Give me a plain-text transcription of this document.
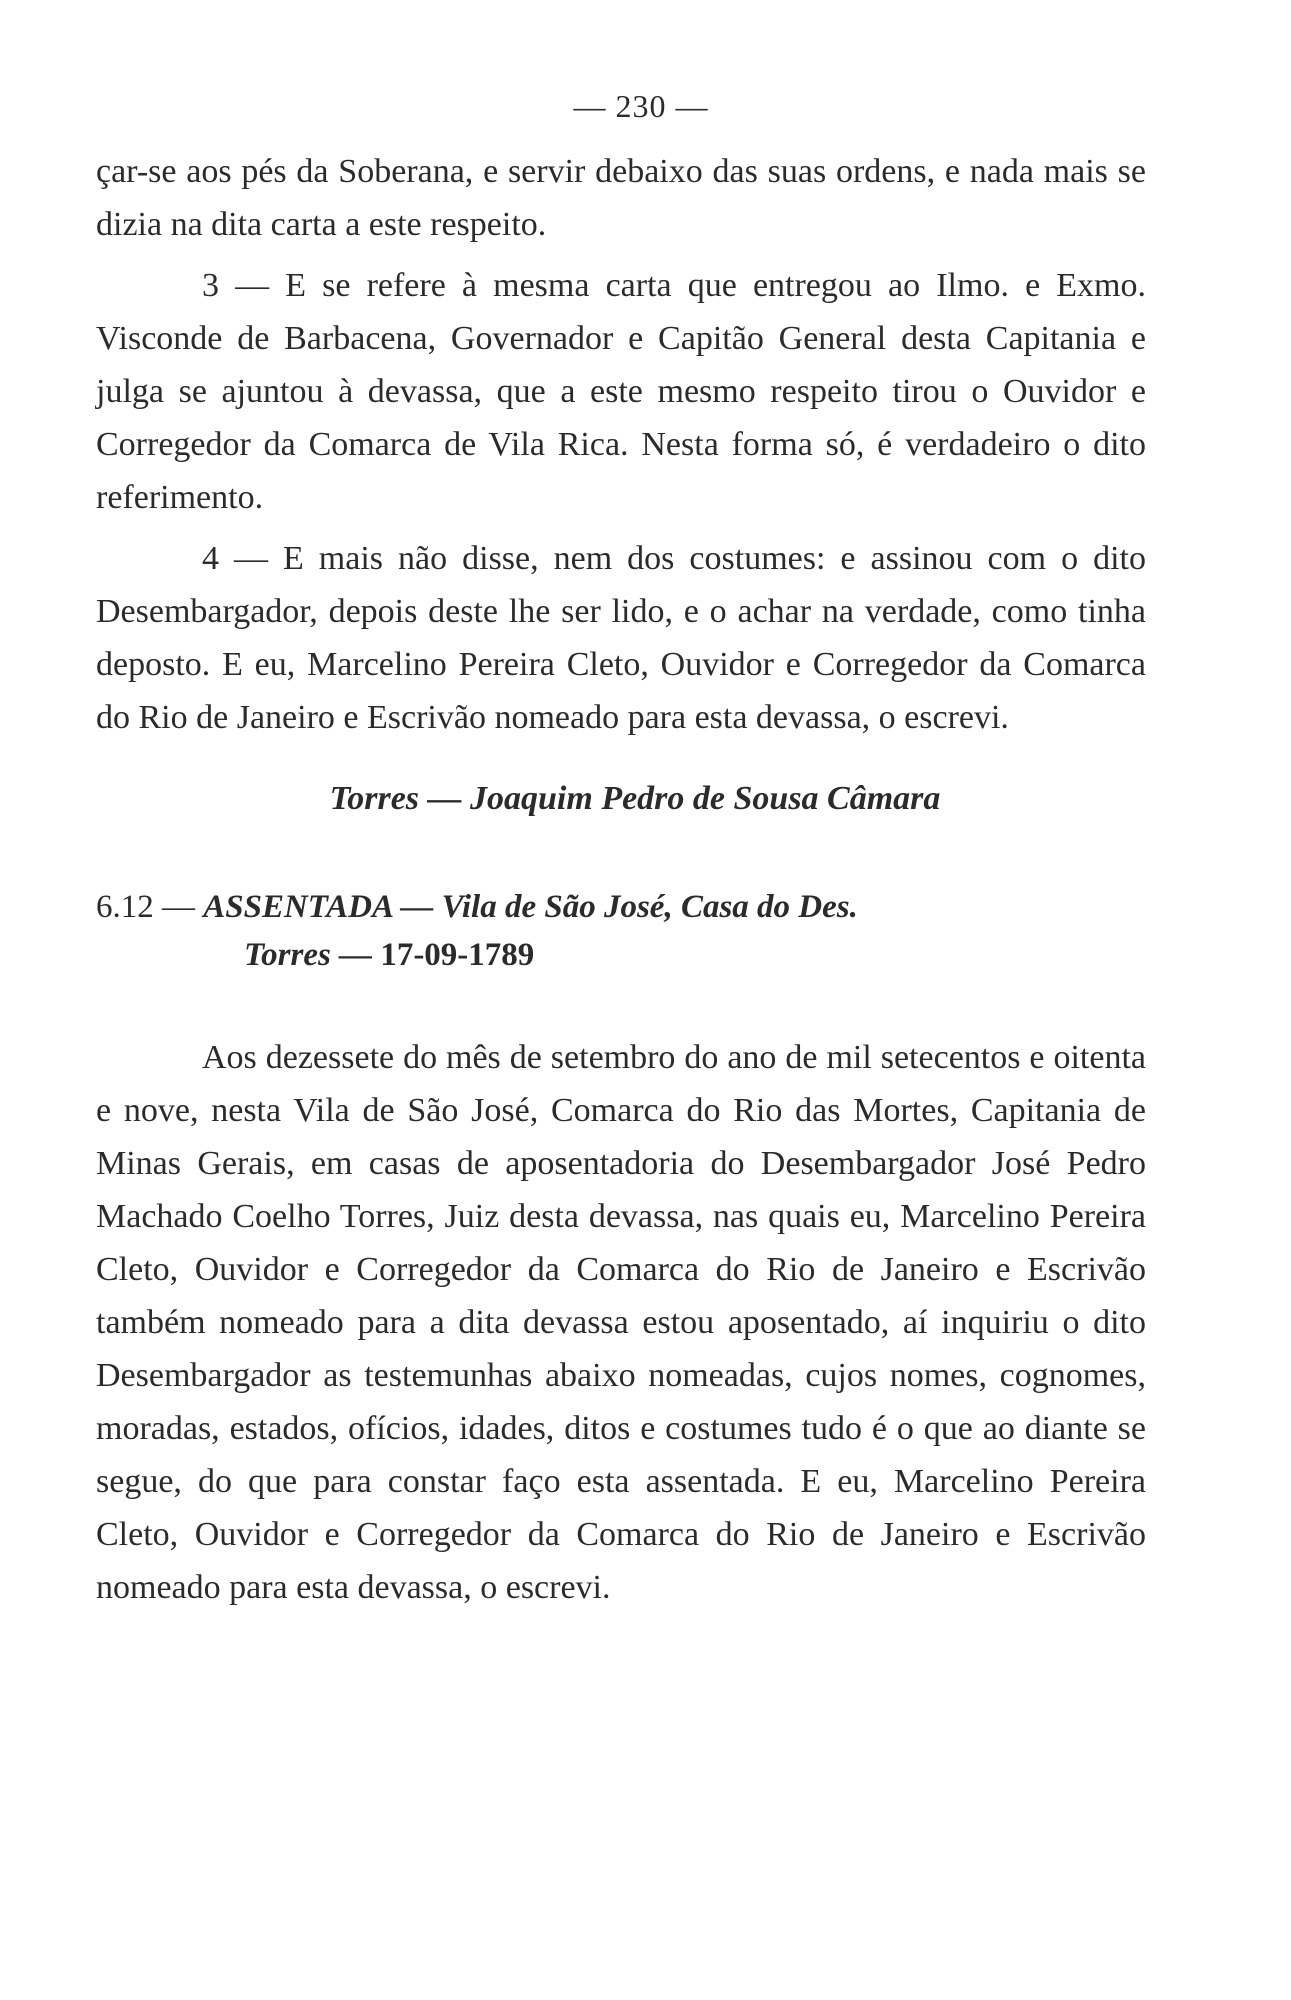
— 230 —

çar-se aos pés da Soberana, e servir debaixo das suas ordens, e nada mais se dizia na dita carta a este respeito.

3 — E se refere à mesma carta que entregou ao Ilmo. e Exmo. Visconde de Barbacena, Governador e Capitão General desta Capitania e julga se ajuntou à devassa, que a este mesmo respeito tirou o Ouvidor e Corregedor da Comarca de Vila Rica. Nesta forma só, é verdadeiro o dito referimento.

4 — E mais não disse, nem dos costumes: e assinou com o dito Desembargador, depois deste lhe ser lido, e o achar na verdade, como tinha deposto. E eu, Marcelino Pereira Cleto, Ouvidor e Corregedor da Comarca do Rio de Janeiro e Escrivão nomeado para esta devassa, o escrevi.

Torres — Joaquim Pedro de Sousa Câmara
6.12 — ASSENTADA — Vila de São José, Casa do Des.
Torres — 17-09-1789

Aos dezessete do mês de setembro do ano de mil setecentos e oitenta e nove, nesta Vila de São José, Comarca do Rio das Mortes, Capitania de Minas Gerais, em casas de aposentadoria do Desembargador José Pedro Machado Coelho Torres, Juiz desta devassa, nas quais eu, Marcelino Pereira Cleto, Ouvidor e Corregedor da Comarca do Rio de Janeiro e Escrivão também nomeado para a dita devassa estou aposentado, aí inquiriu o dito Desembargador as testemunhas abaixo nomeadas, cujos nomes, cognomes, moradas, estados, ofícios, idades, ditos e costumes tudo é o que ao diante se segue, do que para constar faço esta assentada. E eu, Marcelino Pereira Cleto, Ouvidor e Corregedor da Comarca do Rio de Janeiro e Escrivão nomeado para esta devassa, o escrevi.
